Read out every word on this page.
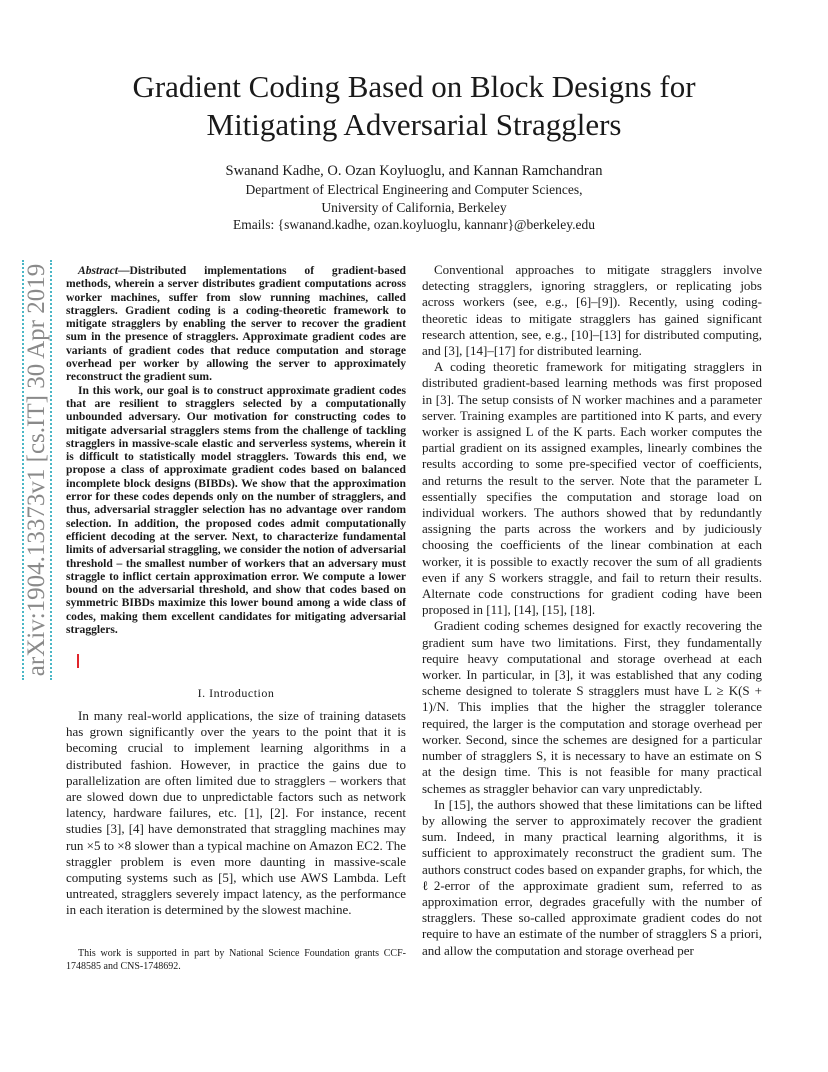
Gradient Coding Based on Block Designs for
Mitigating Adversarial Stragglers
Swanand Kadhe, O. Ozan Koyluoglu, and Kannan Ramchandran
Department of Electrical Engineering and Computer Sciences,
University of California, Berkeley
Emails: {swanand.kadhe, ozan.koyluoglu, kannanr}@berkeley.edu
arXiv:1904.13373v1 [cs.IT] 30 Apr 2019	Abstract—Distributed implementations of gradient-based methods, wherein a server distributes gradient computations across worker machines, suffer from slow running machines, called stragglers. Gradient coding is a coding-theoretic framework to mitigate stragglers by enabling the server to recover the gradient sum in the presence of stragglers. Approximate gradient codes are variants of gradient codes that reduce computation and storage overhead per worker by allowing the server to approximately reconstruct the gradient sum.

In this work, our goal is to construct approximate gradient codes that are resilient to stragglers selected by a computationally unbounded adversary. Our motivation for constructing codes to mitigate adversarial stragglers stems from the challenge of tackling stragglers in massive-scale elastic and serverless systems, wherein it is difficult to statistically model stragglers. Towards this end, we propose a class of approximate gradient codes based on balanced incomplete block designs (BIBDs). We show that the approximation error for these codes depends only on the number of stragglers, and thus, adversarial straggler selection has no advantage over random selection. In addition, the proposed codes admit computationally efficient decoding at the server. Next, to characterize fundamental limits of adversarial straggling, we consider the notion of adversarial threshold – the smallest number of workers that an adversary must straggle to inflict certain approximation error. We compute a lower bound on the adversarial threshold, and show that codes based on symmetric BIBDs maximize this lower bound among a wide class of codes, making them excellent candidates for mitigating adversarial stragglers.

I. Introduction

In many real-world applications, the size of training datasets has grown significantly over the years to the point that it is becoming crucial to implement learning algorithms in a distributed fashion. However, in practice the gains due to parallelization are often limited due to stragglers – workers that are slowed down due to unpredictable factors such as network latency, hardware failures, etc. [1], [2]. For instance, recent studies [3], [4] have demonstrated that straggling machines may run ×5 to ×8 slower than a typical machine on Amazon EC2. The straggler problem is even more daunting in massive-scale computing systems such as [5], which use AWS Lambda. Left untreated, stragglers severely impact latency, as the performance in each iteration is determined by the slowest machine.

This work is supported in part by National Science Foundation grants CCF-1748585 and CNS-1748692.

Conventional approaches to mitigate stragglers involve detecting stragglers, ignoring stragglers, or replicating jobs across workers (see, e.g., [6]–[9]). Recently, using coding-theoretic ideas to mitigate stragglers has gained significant research attention, see, e.g., [10]–[13] for distributed computing, and [3], [14]–[17] for distributed learning.

A coding theoretic framework for mitigating stragglers in distributed gradient-based learning methods was first proposed in [3]. The setup consists of N worker machines and a parameter server. Training examples are partitioned into K parts, and every worker is assigned L of the K parts. Each worker computes the partial gradient on its assigned examples, linearly combines the results according to some pre-specified vector of coefficients, and returns the result to the server. Note that the parameter L essentially specifies the computation and storage load on individual workers. The authors showed that by redundantly assigning the parts across the workers and by judiciously choosing the coefficients of the linear combination at each worker, it is possible to exactly recover the sum of all gradients even if any S workers straggle, and fail to return their results. Alternate code constructions for gradient coding have been proposed in [11], [14], [15], [18].

Gradient coding schemes designed for exactly recovering the gradient sum have two limitations. First, they fundamentally require heavy computational and storage overhead at each worker. In particular, in [3], it was established that any coding scheme designed to tolerate S stragglers must have L ≥ K(S + 1)/N. This implies that the higher the straggler tolerance required, the larger is the computation and storage overhead per worker. Second, since the schemes are designed for a particular number of stragglers S, it is necessary to have an estimate on S at the design time. This is not feasible for many practical schemes as straggler behavior can vary unpredictably.

In [15], the authors showed that these limitations can be lifted by allowing the server to approximately recover the gradient sum. Indeed, in many practical learning algorithms, it is sufficient to approximately reconstruct the gradient sum. The authors construct codes based on expander graphs, for which, the ℓ2-error of the approximate gradient sum, referred to as approximation error, degrades gracefully with the number of stragglers. These so-called approximate gradient codes do not require to have an estimate of the number of stragglers S a priori, and allow the computation and storage overhead per
